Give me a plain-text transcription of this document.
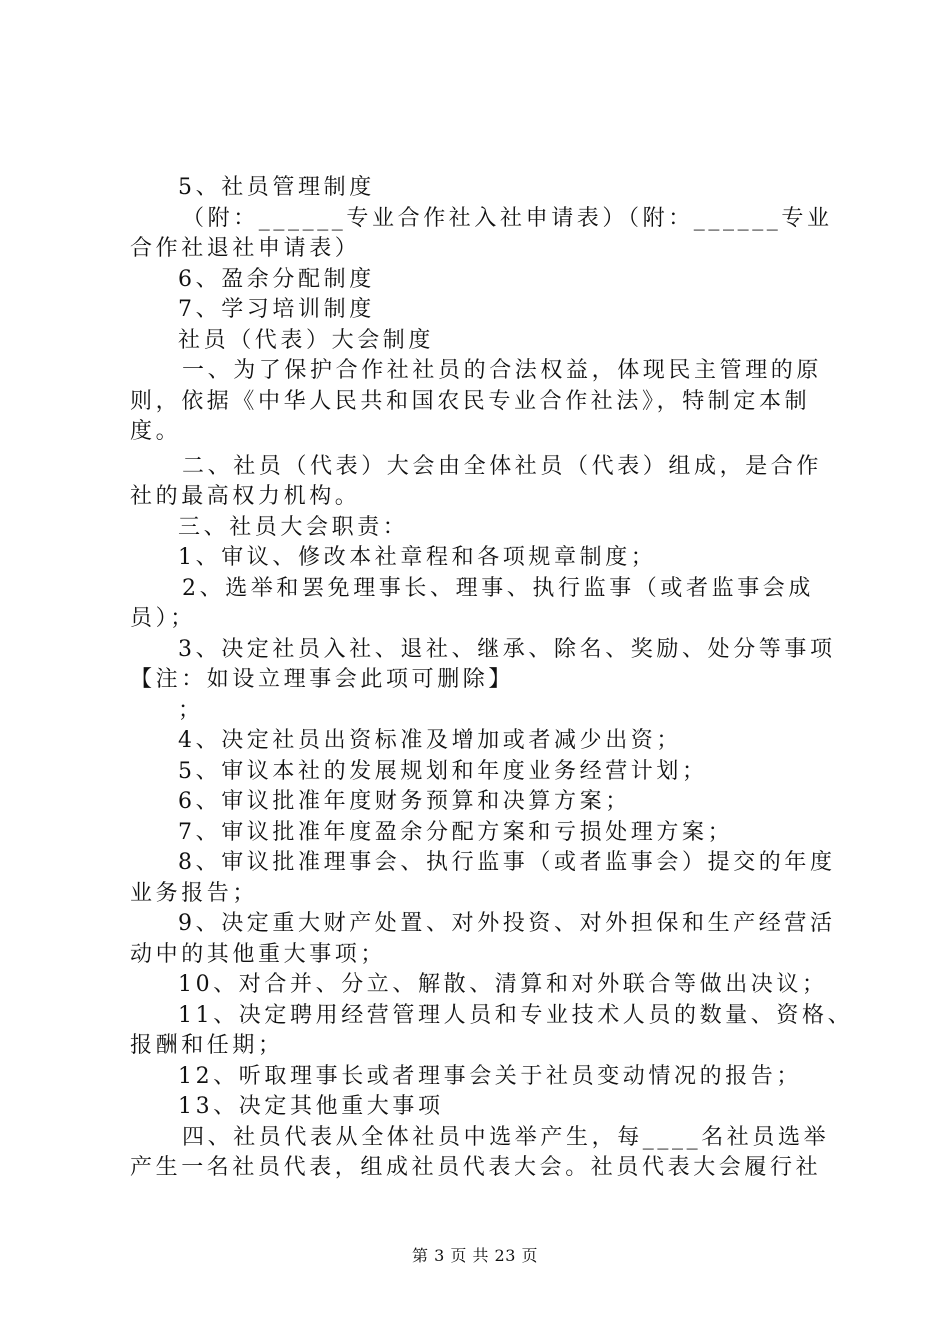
5、社员管理制度
（附：______专业合作社入社申请表）（附：______专业
合作社退社申请表）
6、盈余分配制度
7、学习培训制度
社员（代表）大会制度
一、为了保护合作社社员的合法权益，体现民主管理的原
则，依据《中华人民共和国农民专业合作社法》，特制定本制
度。
二、社员（代表）大会由全体社员（代表）组成，是合作
社的最高权力机构。
三、社员大会职责：
1、审议、修改本社章程和各项规章制度；
2、选举和罢免理事长、理事、执行监事（或者监事会成
员）；
3、决定社员入社、退社、继承、除名、奖励、处分等事项
【注：如设立理事会此项可删除】
；
4、决定社员出资标准及增加或者减少出资；
5、审议本社的发展规划和年度业务经营计划；
6、审议批准年度财务预算和决算方案；
7、审议批准年度盈余分配方案和亏损处理方案；
8、审议批准理事会、执行监事（或者监事会）提交的年度
业务报告；
9、决定重大财产处置、对外投资、对外担保和生产经营活
动中的其他重大事项；
10、对合并、分立、解散、清算和对外联合等做出决议；
11、决定聘用经营管理人员和专业技术人员的数量、资格、
报酬和任期；
12、听取理事长或者理事会关于社员变动情况的报告；
13、决定其他重大事项
四、社员代表从全体社员中选举产生，每____名社员选举
产生一名社员代表，组成社员代表大会。社员代表大会履行社
第 3 页 共 23 页
